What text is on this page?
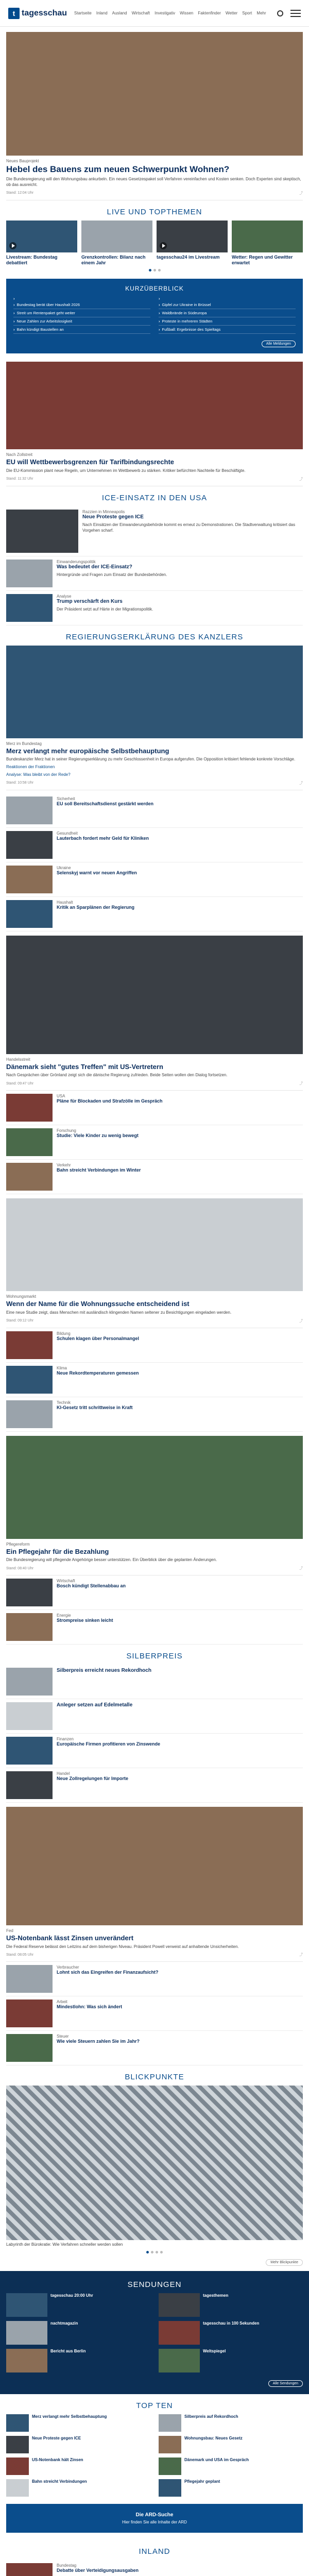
t tagesschau Startseite Inland Ausland Wirtschaft Investigativ Wissen Faktenfinder Wetter Sport Mehr
Neues Bauprojekt
Hebel des Bauens zum neuen Schwerpunkt Wohnen?
Die Bundesregierung will den Wohnungsbau ankurbeln. Ein neues Gesetzespaket soll Verfahren vereinfachen und Kosten senken. Doch Experten sind skeptisch, ob das ausreicht.
Stand: 12:04 Uhr	⤴
LIVE UND TOPTHEMEN
Livestream: Bundestag debattiert
Grenzkontrollen: Bilanz nach einem Jahr
tagesschau24 im Livestream	Wetter: Regen und Gewitter erwartet
KURZÜBERBLICK
› › Bundestag berät über Haushalt 2026
› Streit um Rentenpaket geht weiter
› Neue Zahlen zur Arbeitslosigkeit
› Bahn kündigt Baustellen an
› › Gipfel zur Ukraine in Brüssel
› Waldbrände in Südeuropa
› Proteste in mehreren Städten
› Fußball: Ergebnisse des Spieltags
Alle Meldungen
Nach Zollstreit
EU will Wettbewerbsgrenzen für Tarifbindungsrechte
Die EU-Kommission plant neue Regeln, um Unternehmen im Wettbewerb zu stärken. Kritiker befürchten Nachteile für Beschäftigte.
Stand: 11:32 Uhr	⤴
ICE-EINSATZ IN DEN USA
Razzien in Minneapolis
Neue Proteste gegen ICE
Nach Einsätzen der Einwanderungsbehörde kommt es erneut zu Demonstrationen. Die Stadtverwaltung kritisiert das Vorgehen scharf.
Einwanderungspolitik
Was bedeutet der ICE-Einsatz?
Hintergründe und Fragen zum Einsatz der Bundesbehörden.
Analyse
Trump verschärft den Kurs
Der Präsident setzt auf Härte in der Migrationspolitik.
REGIERUNGSERKLÄRUNG DES KANZLERS
Merz im Bundestag
Merz verlangt mehr europäische Selbstbehauptung
Bundeskanzler Merz hat in seiner Regierungserklärung zu mehr Geschlossenheit in Europa aufgerufen. Die Opposition kritisiert fehlende konkrete Vorschläge.
Reaktionen der Fraktionen
Analyse: Was bleibt von der Rede?
Stand: 10:58 Uhr	⤴
Sicherheit
EU soll Bereitschaftsdienst gestärkt werden
Gesundheit
Lauterbach fordert mehr Geld für Kliniken
Ukraine
Selenskyj warnt vor neuen Angriffen
Haushalt
Kritik an Sparplänen der Regierung
Handelsstreit
Dänemark sieht "gutes Treffen" mit US-Vertretern
Nach Gesprächen über Grönland zeigt sich die dänische Regierung zufrieden. Beide Seiten wollen den Dialog fortsetzen.
Stand: 09:47 Uhr	⤴
USA
Pläne für Blockaden und Strafzölle im Gespräch
Forschung
Studie: Viele Kinder zu wenig bewegt
Verkehr
Bahn streicht Verbindungen im Winter
Wohnungsmarkt
Wenn der Name für die Wohnungssuche entscheidend ist
Eine neue Studie zeigt, dass Menschen mit ausländisch klingenden Namen seltener zu Besichtigungen eingeladen werden.
Stand: 09:12 Uhr	⤴
Bildung
Schulen klagen über Personalmangel
Klima
Neue Rekordtemperaturen gemessen
Technik
KI-Gesetz tritt schrittweise in Kraft
Pflegereform
Ein Pflegejahr für die Bezahlung
Die Bundesregierung will pflegende Angehörige besser unterstützen. Ein Überblick über die geplanten Änderungen.
Stand: 08:40 Uhr	⤴
Wirtschaft
Bosch kündigt Stellenabbau an
Energie
Strompreise sinken leicht
SILBERPREIS
Silberpreis erreicht neues Rekordhoch
Anleger setzen auf Edelmetalle
Finanzen
Europäische Firmen profitieren von Zinswende
Handel
Neue Zollregelungen für Importe
Fed
US-Notenbank lässt Zinsen unverändert
Die Federal Reserve belässt den Leitzins auf dem bisherigen Niveau. Präsident Powell verweist auf anhaltende Unsicherheiten.
Stand: 08:05 Uhr	⤴
Verbraucher
Lohnt sich das Eingreifen der Finanzaufsicht?
Arbeit
Mindestlohn: Was sich ändert
Steuer
Wie viele Steuern zahlen Sie im Jahr?
BLICKPUNKTE
Labyrinth der Bürokratie: Wie Verfahren schneller werden sollen
Mehr Blickpunkte
SENDUNGEN
tagesschau 20:00 Uhr	tagesthemen
nachtmagazin	tagesschau in 100 Sekunden
Bericht aus Berlin	Weltspiegel
Alle Sendungen
TOP TEN
Merz verlangt mehr Selbstbehauptung	Silberpreis auf Rekordhoch
Neue Proteste gegen ICE	Wohnungsbau: Neues Gesetz
US-Notenbank hält Zinsen	Dänemark und USA im Gespräch
Bahn streicht Verbindungen	Pflegejahr geplant
Die ARD-Suche
Hier finden Sie alle Inhalte der ARD
INLAND
Bundestag
Debatte über Verteidigungsausgaben
